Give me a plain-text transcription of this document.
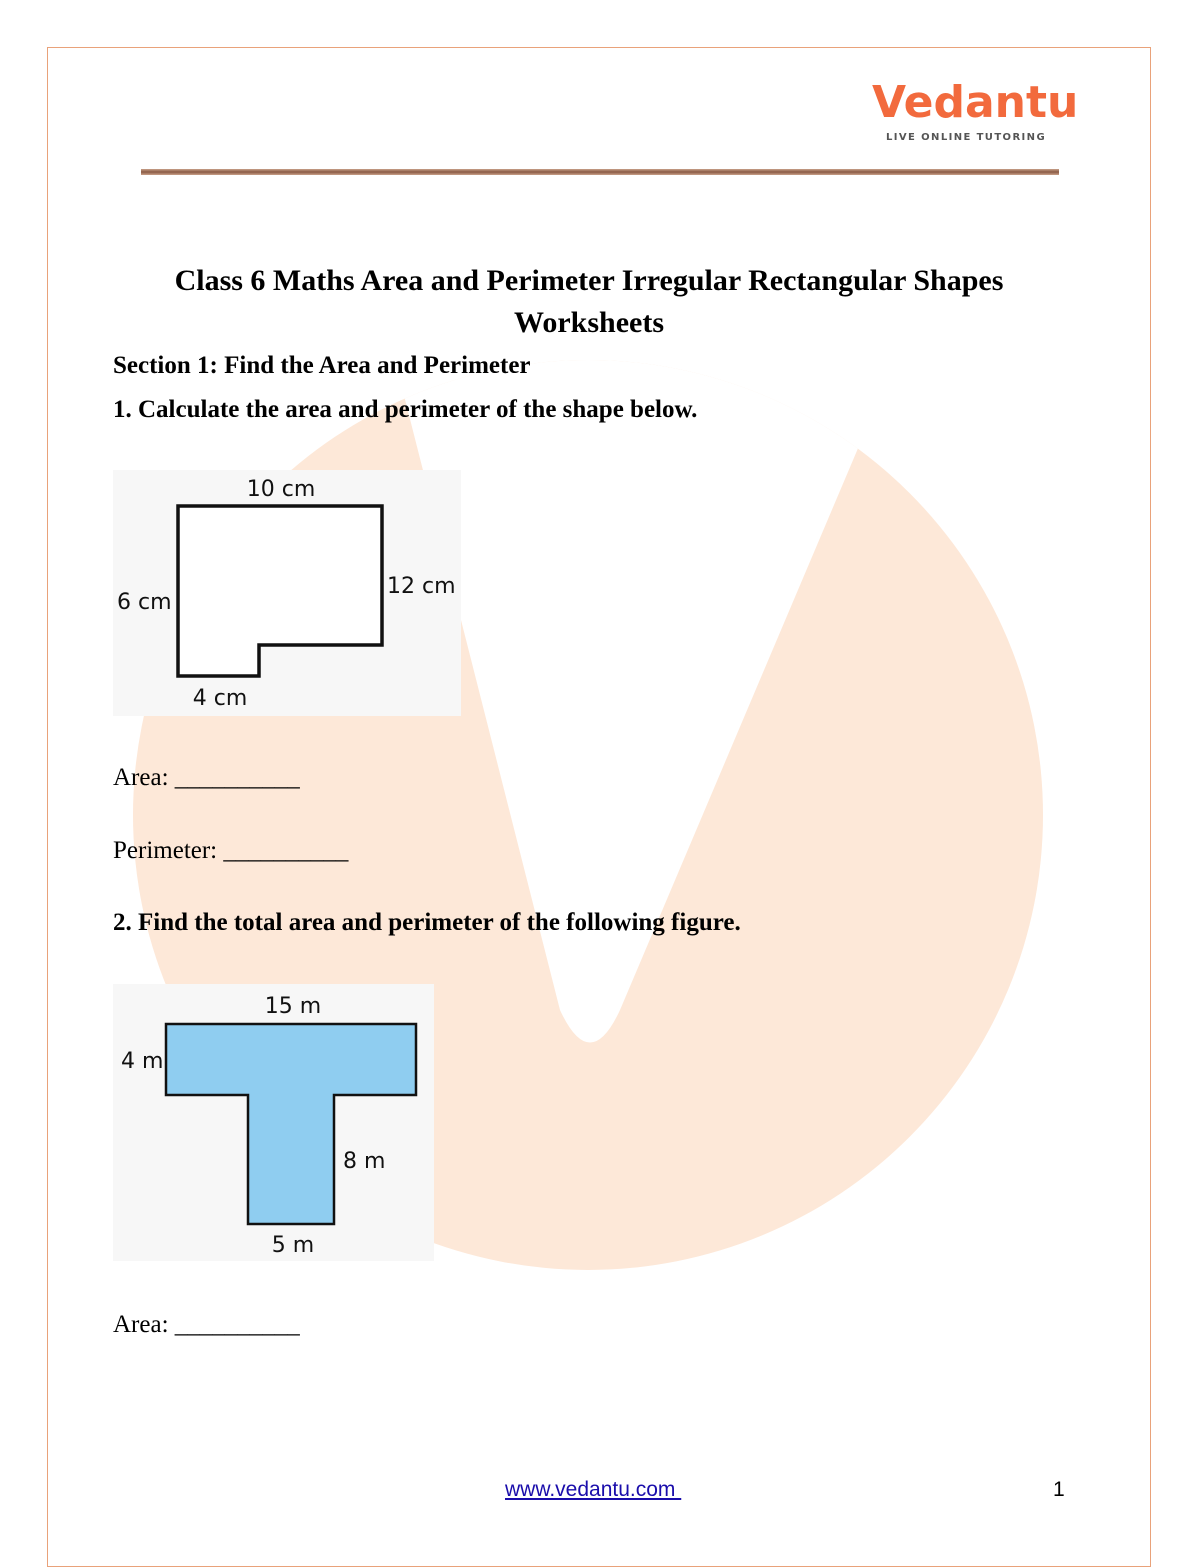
Vedantu
LIVE ONLINE TUTORING
Class 6 Maths Area and Perimeter Irregular Rectangular Shapes Worksheets
Section 1: Find the Area and Perimeter
1. Calculate the area and perimeter of the shape below.
10 cm
12 cm
6 cm
4 cm
Area: __________
Perimeter: __________
2. Find the total area and perimeter of the following figure.
15 m
4 m
8 m
5 m
Area: __________
www.vedantu.com	1
